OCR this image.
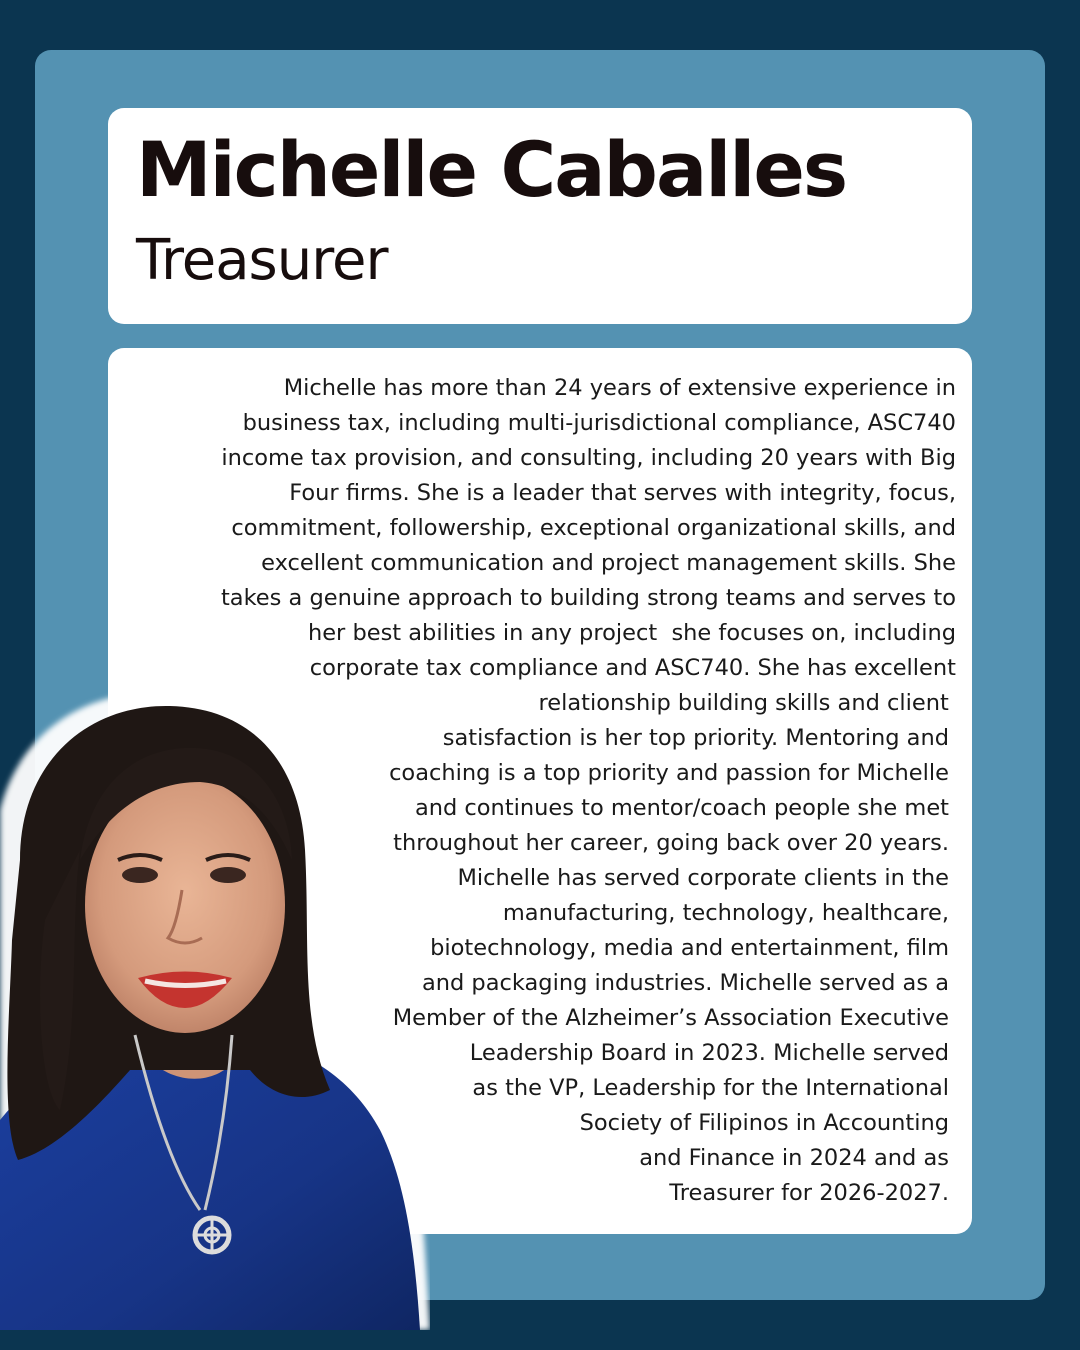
Michelle Caballes
Treasurer

Michelle has more than 24 years of extensive experience in
business tax, including multi-jurisdictional compliance, ASC740
income tax provision, and consulting, including 20 years with Big
Four firms. She is a leader that serves with integrity, focus,
commitment, followership, exceptional organizational skills, and
excellent communication and project management skills. She
takes a genuine approach to building strong teams and serves to
her best abilities in any project  she focuses on, including
corporate tax compliance and ASC740. She has excellent
relationship building skills and client
satisfaction is her top priority. Mentoring and
coaching is a top priority and passion for Michelle
and continues to mentor/coach people she met
throughout her career, going back over 20 years.
Michelle has served corporate clients in the
manufacturing, technology, healthcare,
biotechnology, media and entertainment, film
and packaging industries. Michelle served as a
Member of the Alzheimer’s Association Executive
Leadership Board in 2023. Michelle served
as the VP, Leadership for the International
Society of Filipinos in Accounting
and Finance in 2024 and as
Treasurer for 2026-2027.
